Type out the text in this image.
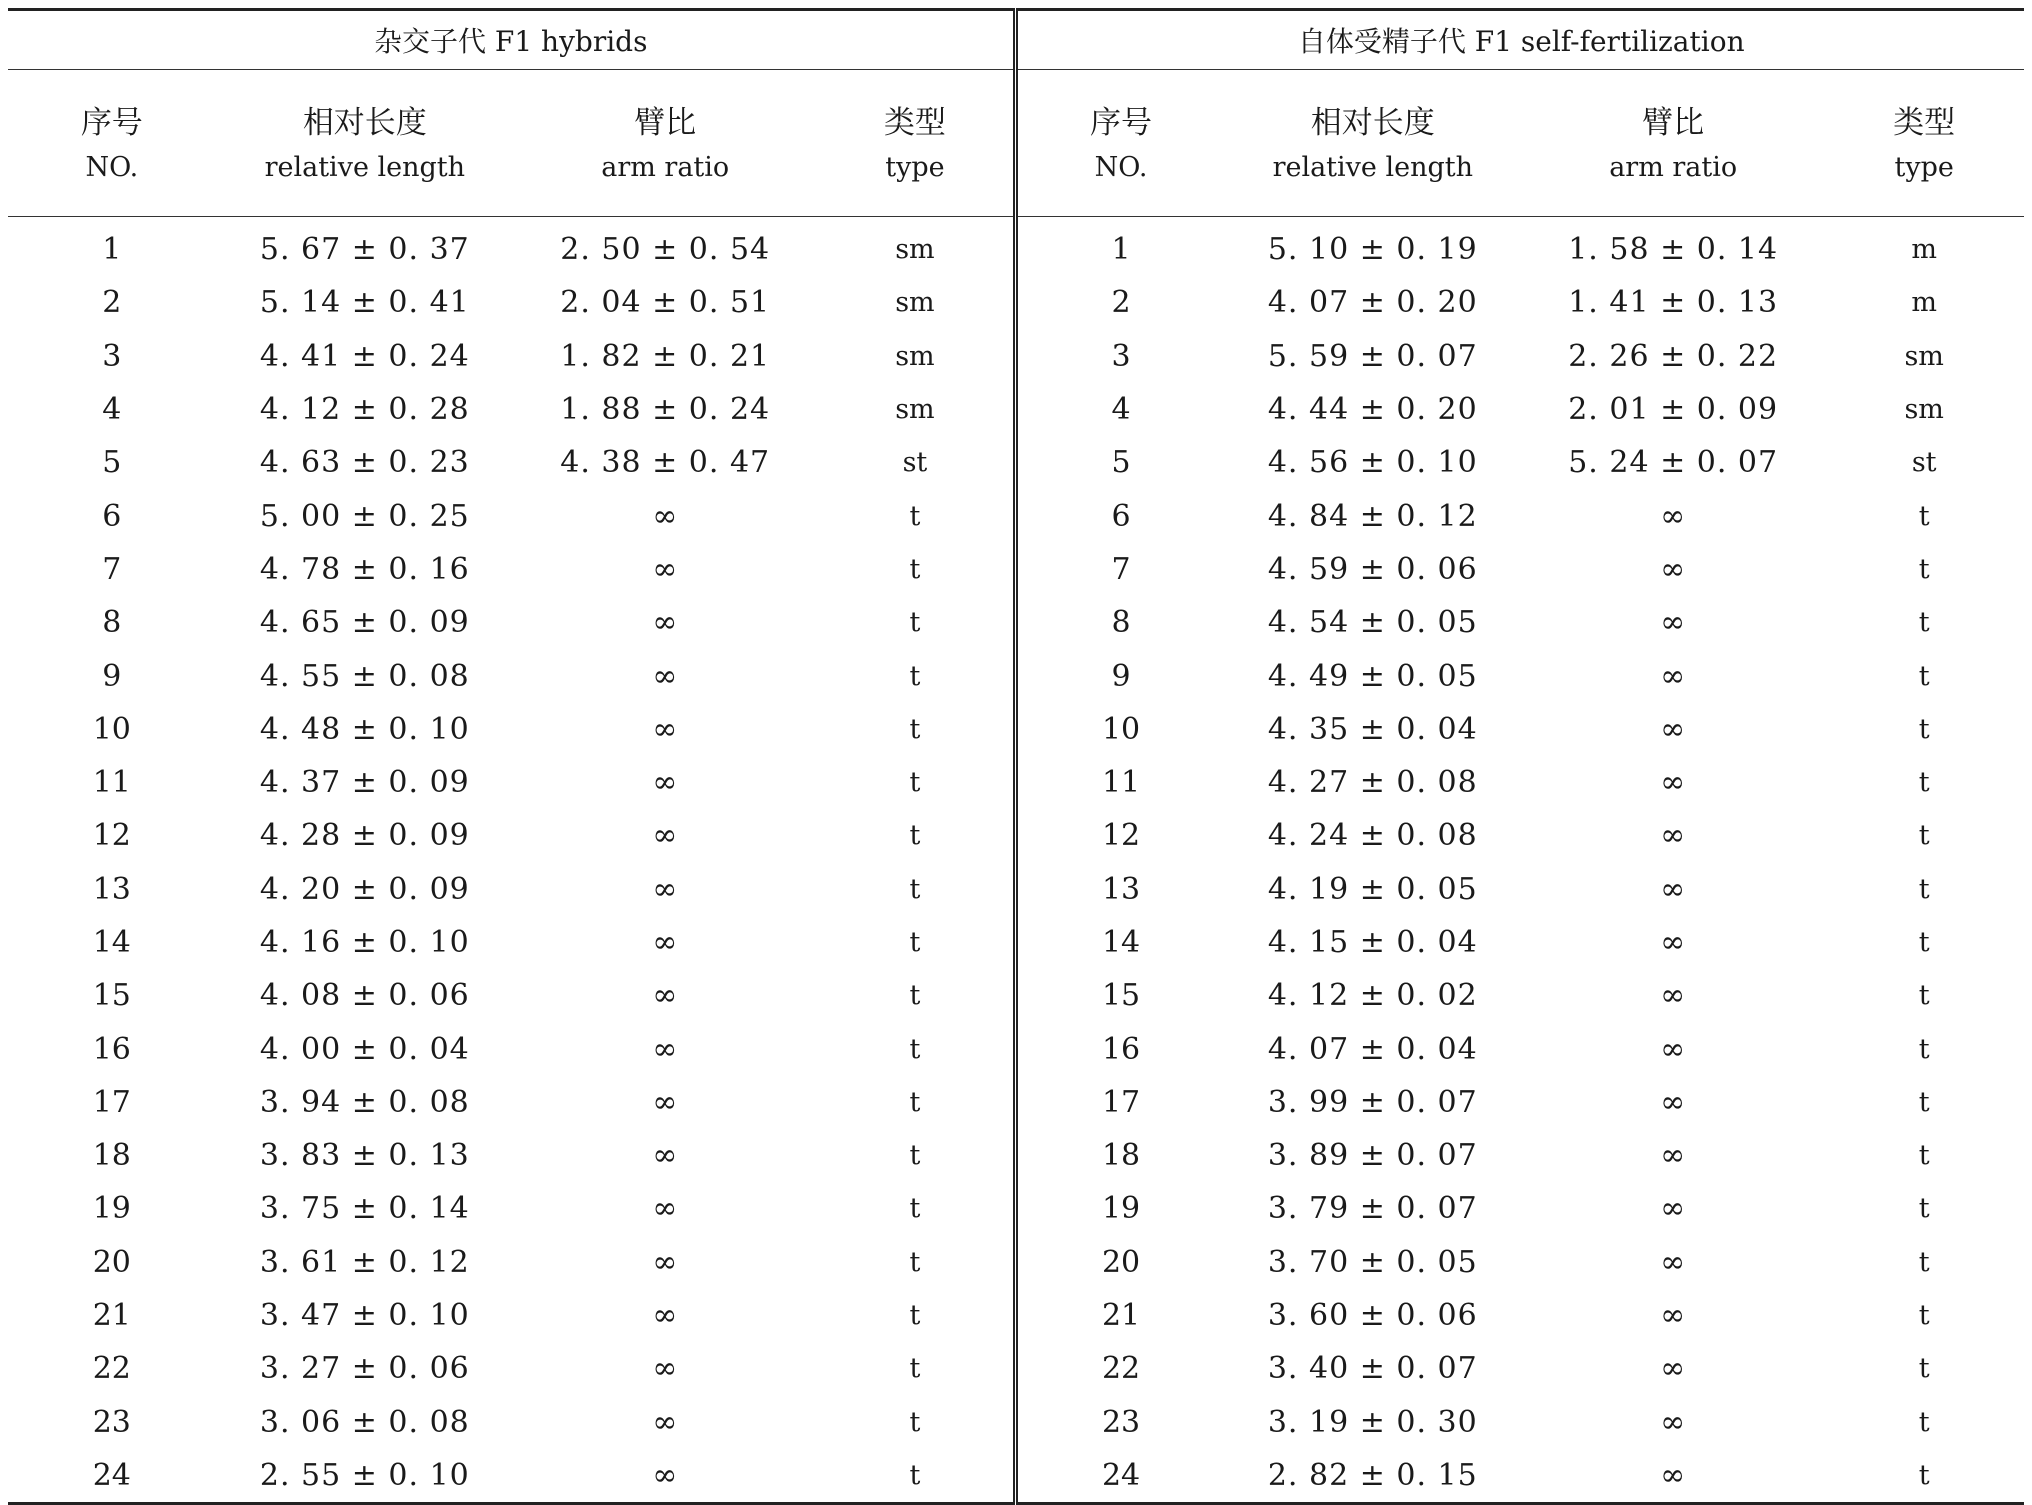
杂交子代 F1 hybrids				自体受精子代 F1 self-fertilization			
序号	相对长度	臂比	类型	序号	相对长度	臂比	类型
NO.	relative length	arm ratio	type	NO.	relative length	arm ratio	type
1	5. 67 ± 0. 37	2. 50 ± 0. 54	sm	1	5. 10 ± 0. 19	1. 58 ± 0. 14	m
2	5. 14 ± 0. 41	2. 04 ± 0. 51	sm	2	4. 07 ± 0. 20	1. 41 ± 0. 13	m
3	4. 41 ± 0. 24	1. 82 ± 0. 21	sm	3	5. 59 ± 0. 07	2. 26 ± 0. 22	sm
4	4. 12 ± 0. 28	1. 88 ± 0. 24	sm	4	4. 44 ± 0. 20	2. 01 ± 0. 09	sm
5	4. 63 ± 0. 23	4. 38 ± 0. 47	st	5	4. 56 ± 0. 10	5. 24 ± 0. 07	st
6	5. 00 ± 0. 25	∞	t	6	4. 84 ± 0. 12	∞	t
7	4. 78 ± 0. 16	∞	t	7	4. 59 ± 0. 06	∞	t
8	4. 65 ± 0. 09	∞	t	8	4. 54 ± 0. 05	∞	t
9	4. 55 ± 0. 08	∞	t	9	4. 49 ± 0. 05	∞	t
10	4. 48 ± 0. 10	∞	t	10	4. 35 ± 0. 04	∞	t
11	4. 37 ± 0. 09	∞	t	11	4. 27 ± 0. 08	∞	t
12	4. 28 ± 0. 09	∞	t	12	4. 24 ± 0. 08	∞	t
13	4. 20 ± 0. 09	∞	t	13	4. 19 ± 0. 05	∞	t
14	4. 16 ± 0. 10	∞	t	14	4. 15 ± 0. 04	∞	t
15	4. 08 ± 0. 06	∞	t	15	4. 12 ± 0. 02	∞	t
16	4. 00 ± 0. 04	∞	t	16	4. 07 ± 0. 04	∞	t
17	3. 94 ± 0. 08	∞	t	17	3. 99 ± 0. 07	∞	t
18	3. 83 ± 0. 13	∞	t	18	3. 89 ± 0. 07	∞	t
19	3. 75 ± 0. 14	∞	t	19	3. 79 ± 0. 07	∞	t
20	3. 61 ± 0. 12	∞	t	20	3. 70 ± 0. 05	∞	t
21	3. 47 ± 0. 10	∞	t	21	3. 60 ± 0. 06	∞	t
22	3. 27 ± 0. 06	∞	t	22	3. 40 ± 0. 07	∞	t
23	3. 06 ± 0. 08	∞	t	23	3. 19 ± 0. 30	∞	t
24	2. 55 ± 0. 10	∞	t	24	2. 82 ± 0. 15	∞	t
